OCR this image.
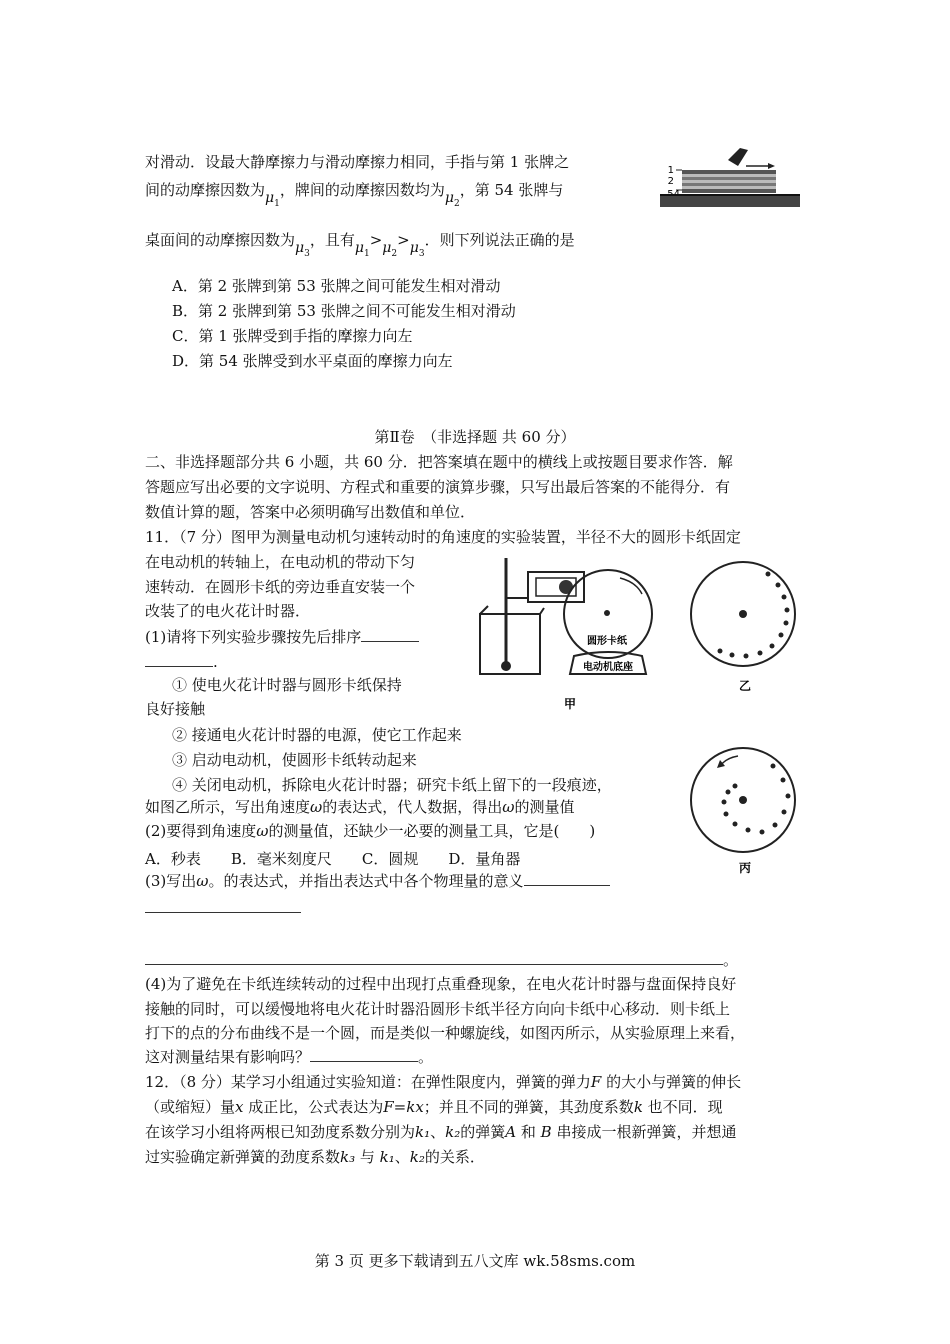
对滑动．设最大静摩擦力与滑动摩擦力相同，手指与第 1 张牌之
间的动摩擦因数为$\mu_1$，牌间的动摩擦因数均为$\mu_2$，第 54 张牌与
桌面间的动摩擦因数为$\mu_3$，且有$\mu_1>\mu_2>\mu_3$．则下列说法正确的是
A．第 2 张牌到第 53 张牌之间可能发生相对滑动
B．第 2 张牌到第 53 张牌之间不可能发生相对滑动
C．第 1 张牌受到手指的摩擦力向左
D．第 54 张牌受到水平桌面的摩擦力向左
1
2
第Ⅱ卷　（非选择题 共 60 分）
二、非选择题部分共 6 小题，共 60 分．把答案填在题中的横线上或按题目要求作答．解
答题应写出必要的文字说明、方程式和重要的演算步骤，只写出最后答案的不能得分．有
数值计算的题，答案中必须明确写出数值和单位．
11．（7 分）图甲为测量电动机匀速转动时的角速度的实验装置，半径不大的圆形卡纸固定
在电动机的转轴上，在电动机的带动下匀
速转动．在圆形卡纸的旁边垂直安装一个
改装了的电火花计时器．
(1)请将下列实验步骤按先后排序
.
① 使电火花计时器与圆形卡纸保持
良好接触
② 接通电火花计时器的电源，使它工作起来
③ 启动电动机，使圆形卡纸转动起来
④ 关闭电动机，拆除电火花计时器；研究卡纸上留下的一段痕迹，
如图乙所示，写出角速度ω的表达式，代人数据，得出ω的测量值
(2)要得到角速度ω的测量值，还缺少一必要的测量工具，它是(　　)
A．秒表　　B．毫米刻度尺　　C．圆规　　D．量角器
(3)写出ω。的表达式，并指出表达式中各个物理量的意义
。
(4)为了避免在卡纸连续转动的过程中出现打点重叠现象，在电火花计时器与盘面保持良好
接触的同时，可以缓慢地将电火花计时器沿圆形卡纸半径方向向卡纸中心移动．则卡纸上
打下的点的分布曲线不是一个圆，而是类似一种螺旋线，如图丙所示，从实验原理上来看，
这对测量结果有影响吗？	。
圆形卡纸
电动机底座
甲
乙
丙
12．（8 分）某学习小组通过实验知道：在弹性限度内，弹簧的弹力F 的大小与弹簧的伸长
（或缩短）量x 成正比，公式表达为F=kx；并且不同的弹簧，其劲度系数k 也不同．现
在该学习小组将两根已知劲度系数分别为k₁、k₂的弹簧A 和 B 串接成一根新弹簧，并想通
过实验确定新弹簧的劲度系数k₃ 与 k₁、k₂的关系．
第 3 页 更多下载请到五八文库 wk.58sms.com
